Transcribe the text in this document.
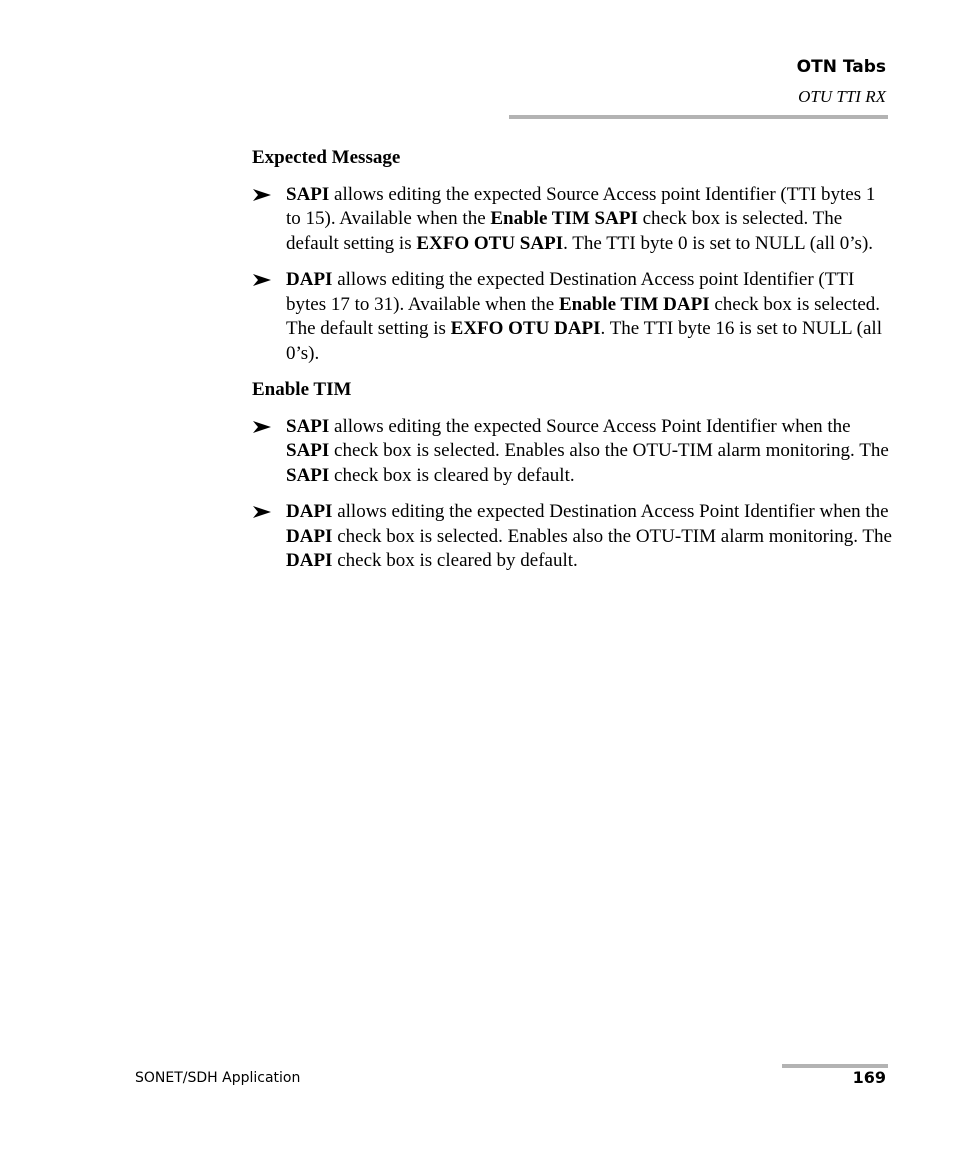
OTN Tabs
OTU TTI RX
Expected Message
SAPI allows editing the expected Source Access point Identifier (TTI bytes 1 to 15). Available when the Enable TIM SAPI check box is selected. The default setting is EXFO OTU SAPI. The TTI byte 0 is set to NULL (all 0’s).
DAPI allows editing the expected Destination Access point Identifier (TTI bytes 17 to 31). Available when the Enable TIM DAPI check box is selected. The default setting is EXFO OTU DAPI. The TTI byte 16 is set to NULL (all 0’s).
Enable TIM
SAPI allows editing the expected Source Access Point Identifier when the SAPI check box is selected. Enables also the OTU-TIM alarm monitoring. The SAPI check box is cleared by default.
DAPI allows editing the expected Destination Access Point Identifier when the DAPI check box is selected. Enables also the OTU-TIM alarm monitoring. The DAPI check box is cleared by default.
SONET/SDH Application	169
